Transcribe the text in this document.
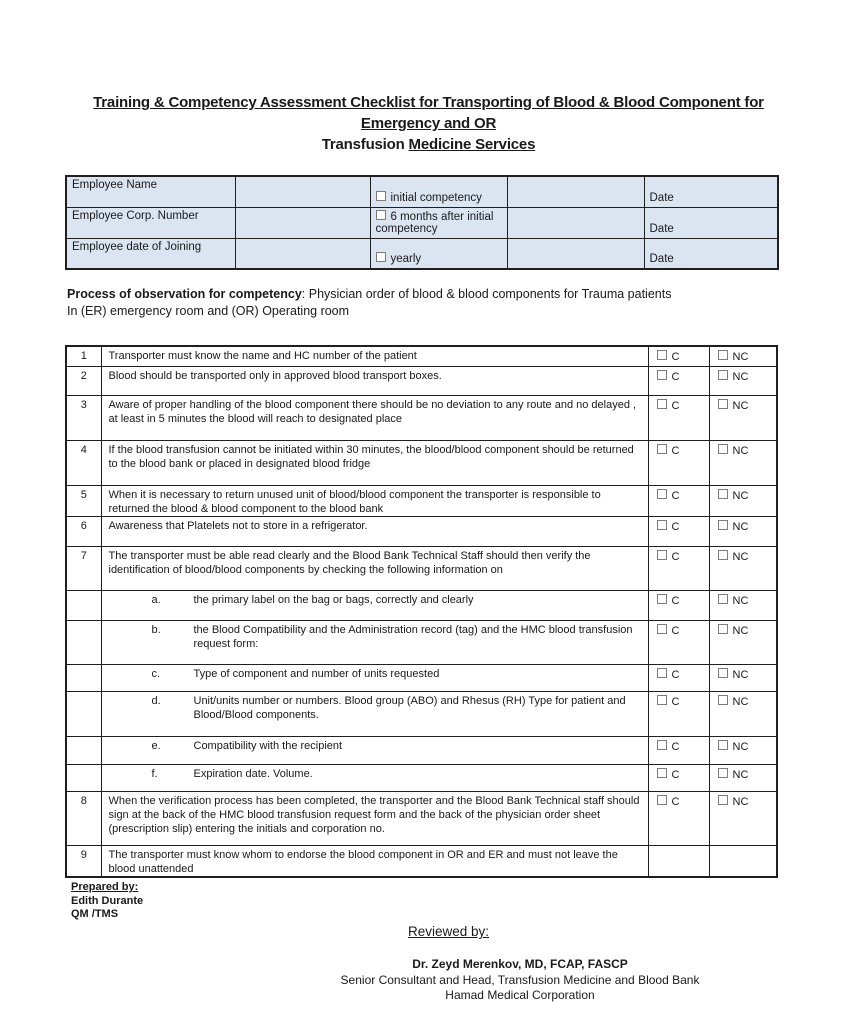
Training & Competency Assessment Checklist for Transporting of Blood & Blood Component for
Emergency and OR
Transfusion Medicine Services
Employee Name		initial competency		Date
Employee Corp. Number		6 months after initial competency		Date
Employee date of Joining		yearly		Date
Process of observation for competency: Physician order of blood & blood components for Trauma patients
In (ER) emergency room and (OR) Operating room
1	Transporter must know the name and HC number of the patient	C	NC
2	Blood should be transported only in approved blood transport boxes.	C	NC
3	Aware of proper handling of the blood component there should be no deviation to any route and no delayed , at least in 5 minutes the blood will reach to designated place	C	NC
4	If the blood transfusion cannot be initiated within 30 minutes, the blood/blood component should be returned to the blood bank or placed in designated blood fridge	C	NC
5	When it is necessary to return unused unit of blood/blood component the transporter is responsible to returned the blood & blood component to the blood bank	C	NC
6	Awareness that Platelets not to store in a refrigerator.	C	NC
7	The transporter must be able read clearly and the Blood Bank Technical Staff should then verify the identification of blood/blood components by checking the following information on	C	NC

	a. the primary label on the bag or bags, correctly and clearly	C	NC

	b. the Blood Compatibility and the Administration record (tag) and the HMC blood transfusion request form:	C	NC

	c. Type of component and number of units requested	C	NC

	d. Unit/units number or numbers. Blood group (ABO) and Rhesus (RH) Type for patient and Blood/Blood components.	C	NC

	e. Compatibility with the recipient	C	NC

	f. Expiration date. Volume.	C	NC
8	When the verification process has been completed, the transporter and the Blood Bank Technical staff should sign at the back of the HMC blood transfusion request form and the back of the physician order sheet (prescription slip) entering the initials and corporation no.	C	NC
9	The transporter must know whom to endorse the blood component in OR and ER and must not leave the blood unattended		
Prepared by:
Edith Durante
QM /TMS
Reviewed by:
Dr. Zeyd Merenkov, MD, FCAP, FASCP
Senior Consultant and Head, Transfusion Medicine and Blood Bank
Hamad Medical Corporation
